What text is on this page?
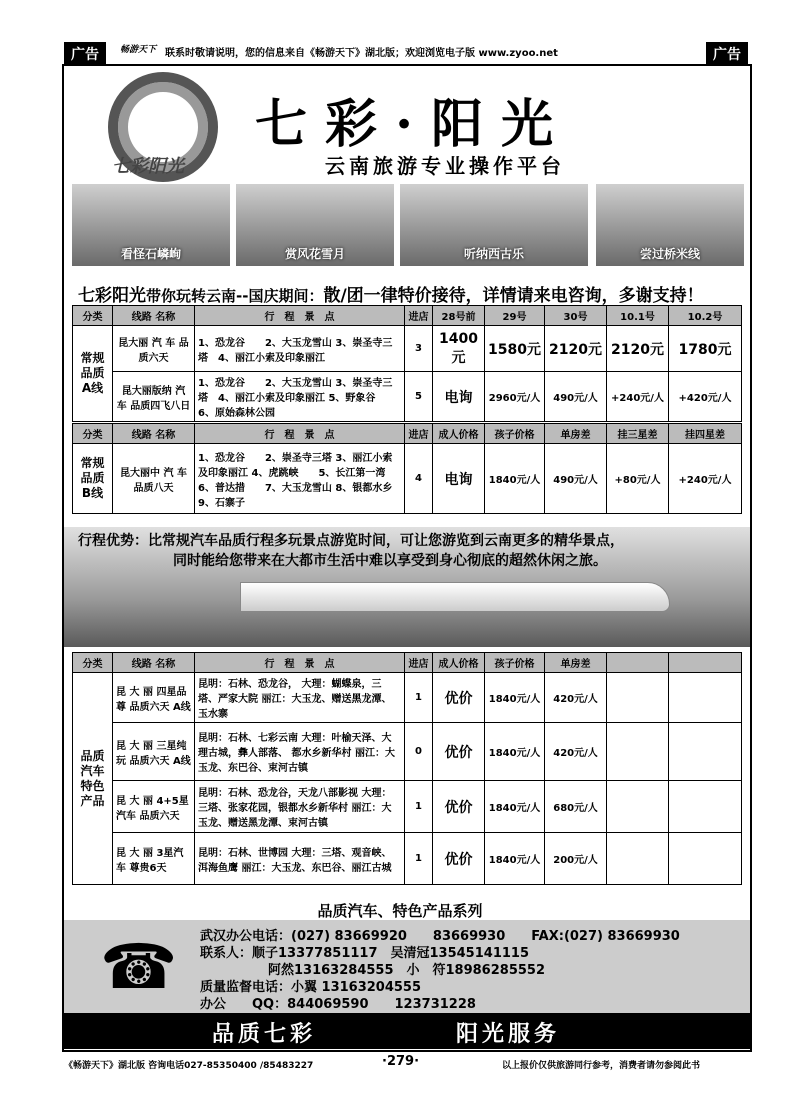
广告	广告
畅游天下 联系时敬请说明，您的信息来自《畅游天下》湖北版；欢迎浏览电子版 www.zyoo.net
七彩阳光
七彩·阳光
云南旅游专业操作平台
看怪石嶙峋	赏风花雪月	听纳西古乐	尝过桥米线
七彩阳光带你玩转云南--国庆期间：散/团一律特价接待，详情请来电咨询，多谢支持！
分类	线路 名称	行　程　景　点	进店	28号前	29号	30号	10.1号	10.2号
常规品质A线	昆大丽 汽 车 品质六天	1、恐龙谷　　2、大玉龙雪山 3、崇圣寺三塔　4、丽江小索及印象丽江	3	1400元	1580元	2120元	2120元	1780元
	昆大丽版纳 汽 车 品质四飞八日	1、恐龙谷　　2、大玉龙雪山 3、崇圣寺三塔　4、丽江小索及印象丽江 5、野象谷　　6、原始森林公园	5	电询	2960元/人	490元/人	+240元/人	+420元/人
分类	线路 名称	行　程　景　点	进店	成人价格	孩子价格	单房差	挂三星差	挂四星差
常规品质B线	昆大丽中 汽 车 品质八天	1、恐龙谷　　2、崇圣寺三塔 3、丽江小索及印象丽江 4、虎跳峡　　5、长江第一湾 6、普达措　　7、大玉龙雪山 8、银都水乡　　9、石寨子	4	电询	1840元/人	490元/人	+80元/人	+240元/人
行程优势：比常规汽车品质行程多玩景点游览时间，可让您游览到云南更多的精华景点，
同时能给您带来在大都市生活中难以享受到身心彻底的超然休闲之旅。
分类	线路 名称	行　程　景　点	进店	成人价格	孩子价格	单房差		
品质汽车特色产品	昆 大 丽 四星品尊 品质六天 A线	昆明：石林、恐龙谷， 大理：蝴蝶泉，三塔、严家大院 丽江：大玉龙、赠送黑龙潭、玉水寨	1	优价	1840元/人	420元/人		
	昆 大 丽 三星纯玩 品质六天 A线	昆明：石林、七彩云南 大理：叶榆天泽、大理古城，彝人部落、 都水乡新华村 丽江：大玉龙、东巴谷、束河古镇	0	优价	1840元/人	420元/人		
	昆 大 丽 4+5星汽车 品质六天	昆明：石林、恐龙谷，天龙八部影视 大理：三塔、张家花园，银都水乡新华村 丽江：大玉龙、赠送黑龙潭、束河古镇	1	优价	1840元/人	680元/人		
	昆 大 丽 3星汽车 尊贵6天	昆明：石林、世博园 大理：三塔、观音峡、洱海鱼鹰 丽江：大玉龙、东巴谷、丽江古城	1	优价	1840元/人	200元/人		
品质汽车、特色产品系列
☎ 武汉办公电话：(027) 83669920　　83669930　　FAX:(027) 83669930
联系人：顺子13377851117　吴清冠13545141115
阿然13163284555　小　符18986285552
质量监督电话：小翼 13163204555
办公　　QQ：844069590　　123731228
品质七彩	阳光服务
《畅游天下》湖北版 咨询电话027-85350400 /85483227	·279·	以上报价仅供旅游同行参考，消费者请勿参阅此书
